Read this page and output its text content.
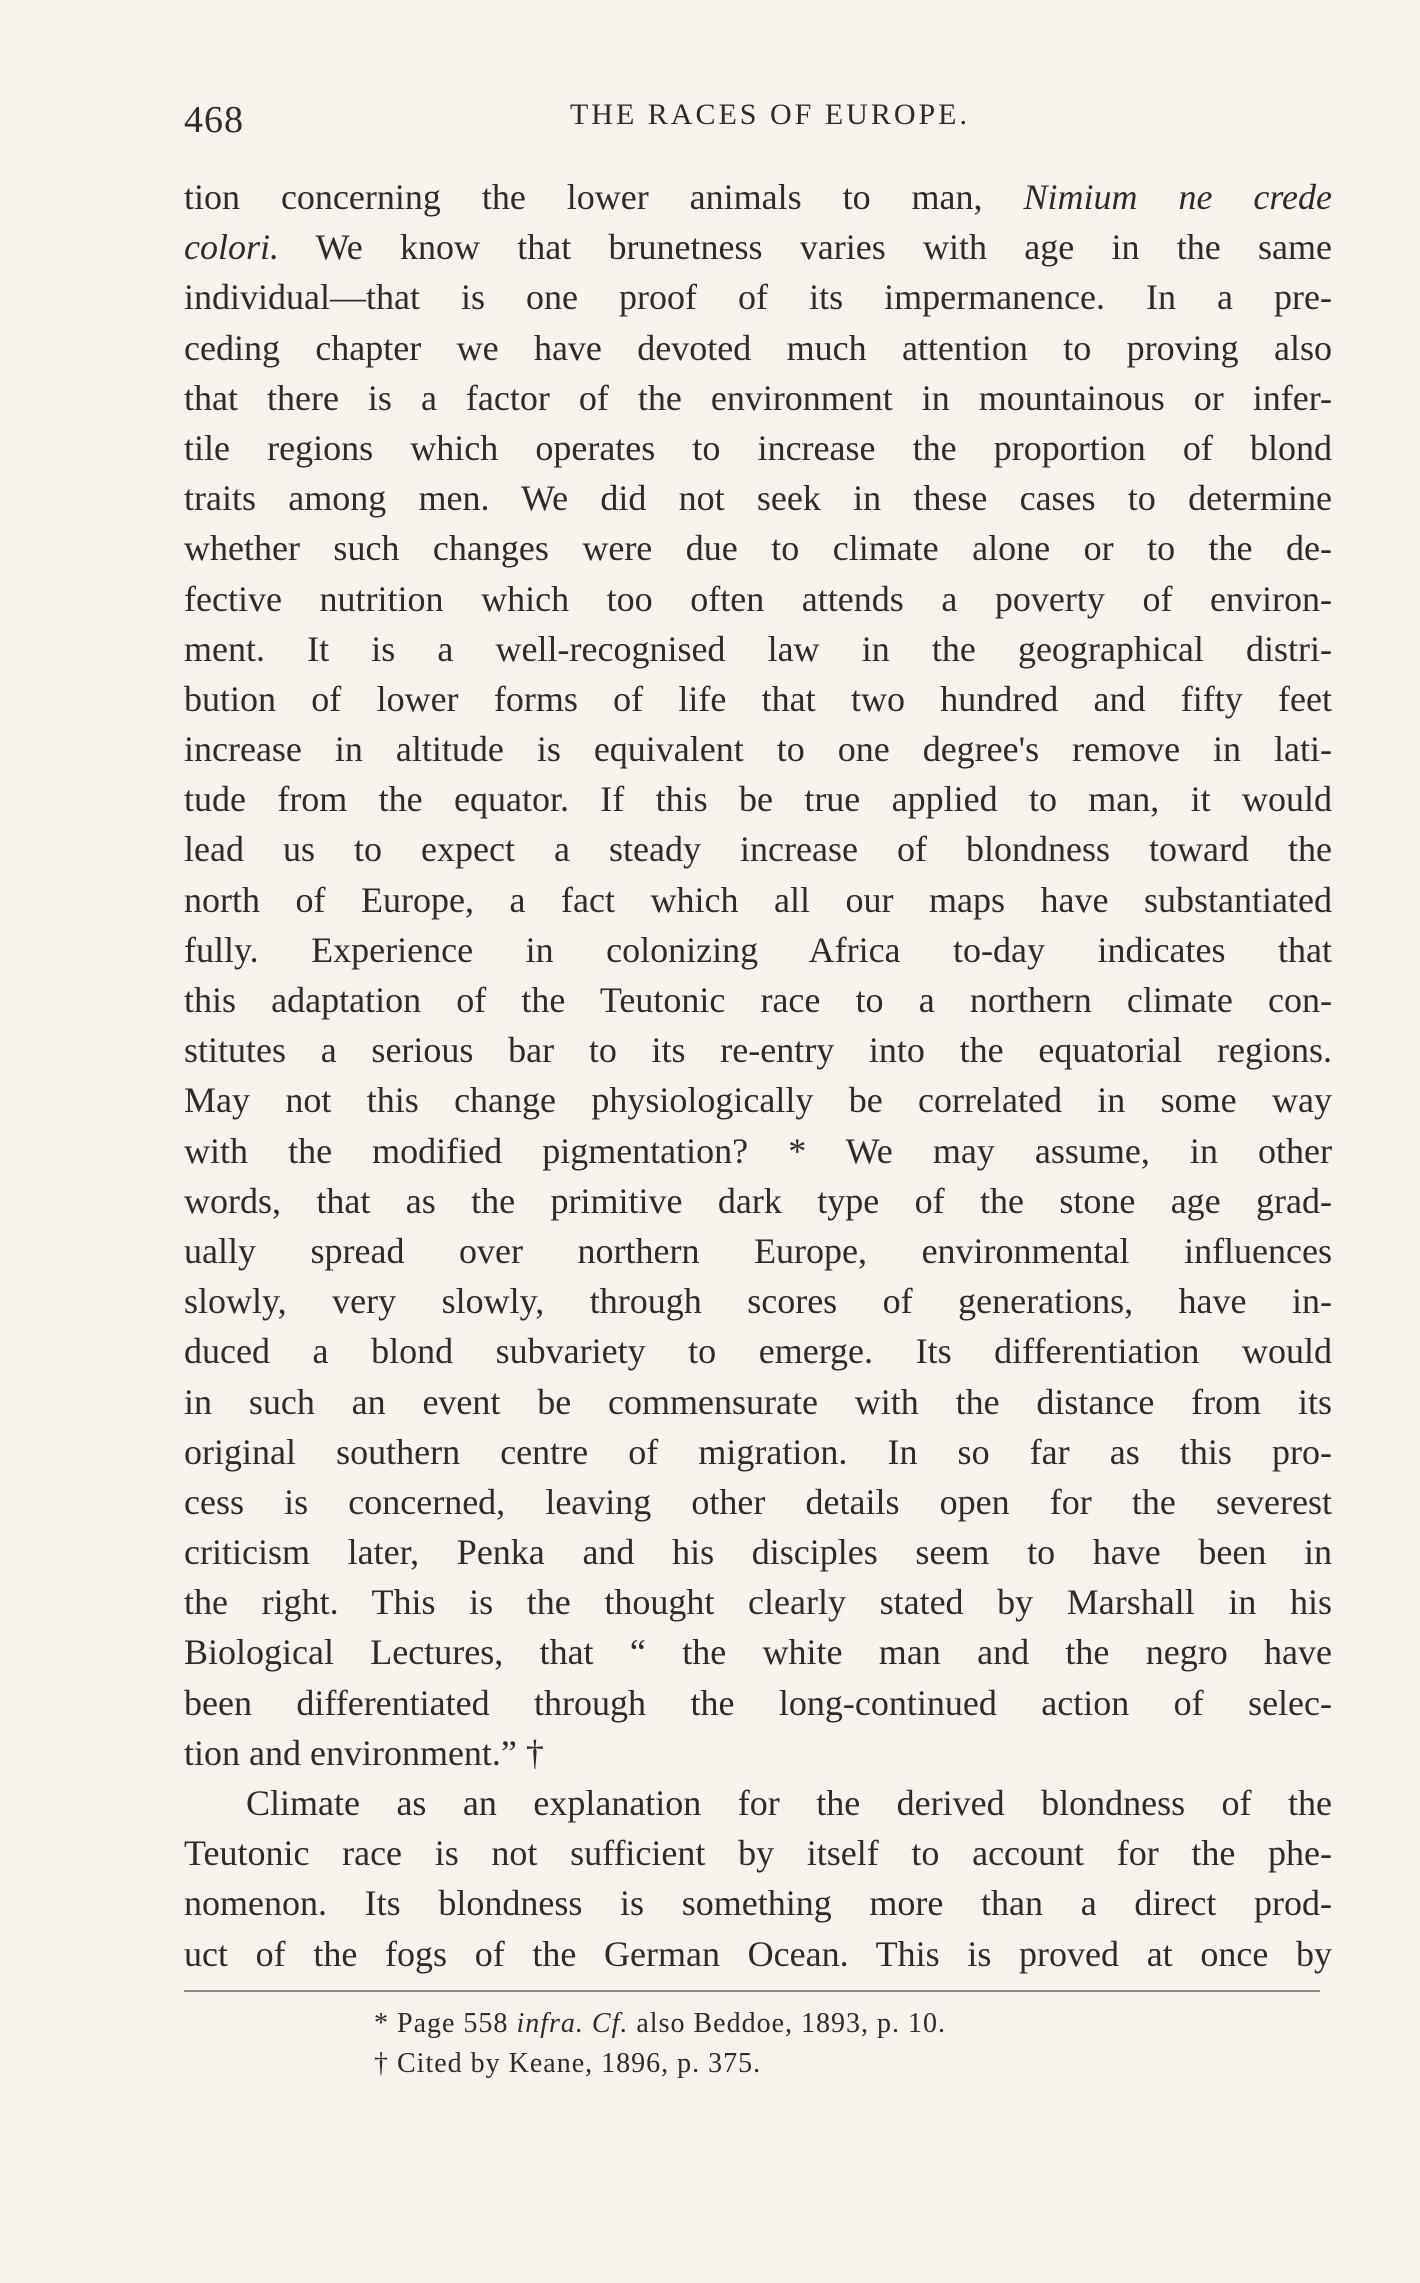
468	THE RACES OF EUROPE.
tion concerning the lower animals to man, Nimium ne crede
colori. We know that brunetness varies with age in the same
individual—that is one proof of its impermanence. In a pre-
ceding chapter we have devoted much attention to proving also
that there is a factor of the environment in mountainous or infer-
tile regions which operates to increase the proportion of blond
traits among men. We did not seek in these cases to determine
whether such changes were due to climate alone or to the de-
fective nutrition which too often attends a poverty of environ-
ment. It is a well-recognised law in the geographical distri-
bution of lower forms of life that two hundred and fifty feet
increase in altitude is equivalent to one degree's remove in lati-
tude from the equator. If this be true applied to man, it would
lead us to expect a steady increase of blondness toward the
north of Europe, a fact which all our maps have substantiated
fully. Experience in colonizing Africa to-day indicates that
this adaptation of the Teutonic race to a northern climate con-
stitutes a serious bar to its re-entry into the equatorial regions.
May not this change physiologically be correlated in some way
with the modified pigmentation? * We may assume, in other
words, that as the primitive dark type of the stone age grad-
ually spread over northern Europe, environmental influences
slowly, very slowly, through scores of generations, have in-
duced a blond subvariety to emerge. Its differentiation would
in such an event be commensurate with the distance from its
original southern centre of migration. In so far as this pro-
cess is concerned, leaving other details open for the severest
criticism later, Penka and his disciples seem to have been in
the right. This is the thought clearly stated by Marshall in his
Biological Lectures, that “ the white man and the negro have
been differentiated through the long-continued action of selec-
tion and environment.” †
Climate as an explanation for the derived blondness of the
Teutonic race is not sufficient by itself to account for the phe-
nomenon. Its blondness is something more than a direct prod-
uct of the fogs of the German Ocean. This is proved at once by
* Page 558 infra. Cf. also Beddoe, 1893, p. 10.
† Cited by Keane, 1896, p. 375.
